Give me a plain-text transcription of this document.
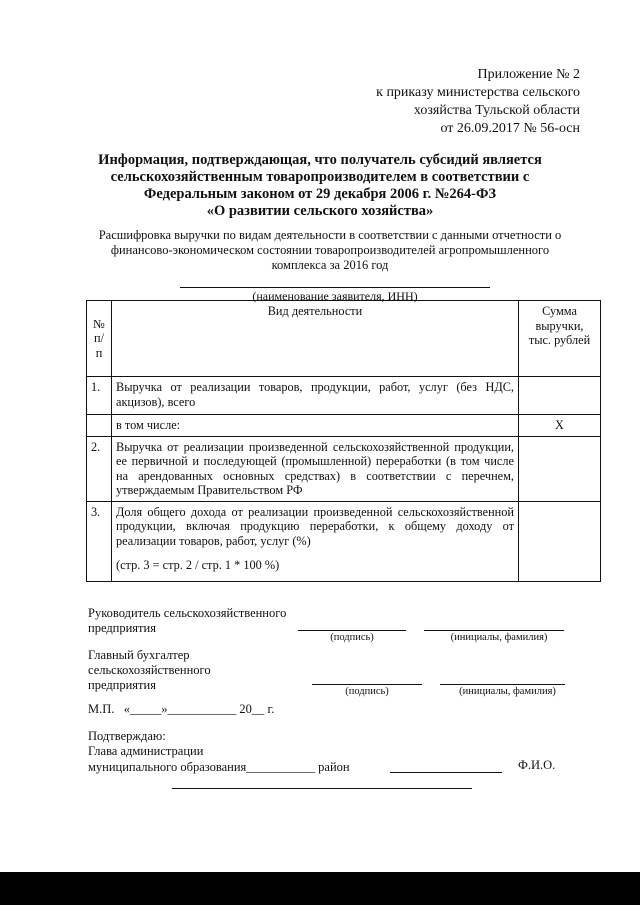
Приложение № 2
к приказу министерства сельского
хозяйства Тульской области
от 26.09.2017 № 56-осн
Информация, подтверждающая, что получатель субсидий является
сельскохозяйственным товаропроизводителем в соответствии с
Федеральным законом от 29 декабря 2006 г. №264-ФЗ
«О развитии сельского хозяйства»
Расшифровка выручки по видам деятельности в соответствии с данными отчетности о
финансово-экономическом состоянии товаропроизводителей агропромышленного
комплекса за 2016 год
(наименование заявителя, ИНН)
№ п/п	Вид деятельности	Сумма выручки, тыс. рублей
1.	Выручка от реализации товаров, продукции, работ, услуг (без НДС, акцизов), всего	
	в том числе:	X
2.	Выручка от реализации произведенной сельскохозяйственной продукции, ее первичной и последующей (промышленной) переработки (в том числе на арендованных основных средствах) в соответствии с перечнем, утверждаемым Правительством РФ	
3.	Доля общего дохода от реализации произведенной сельскохозяйственной продукции, включая продукцию переработки, к общему доходу от реализации товаров, работ, услуг (%)
(стр. 3 = стр. 2 / стр. 1 * 100 %)	

Руководитель сельскохозяйственного
предприятия
(подпись)	(инициалы, фамилия)
Главный бухгалтер
сельскохозяйственного
предприятия	(подпись)	(инициалы, фамилия)
М.П.   «_____»___________ 20__ г.
Подтверждаю:
Глава администрации
муниципального образования___________ район	Ф.И.О.
